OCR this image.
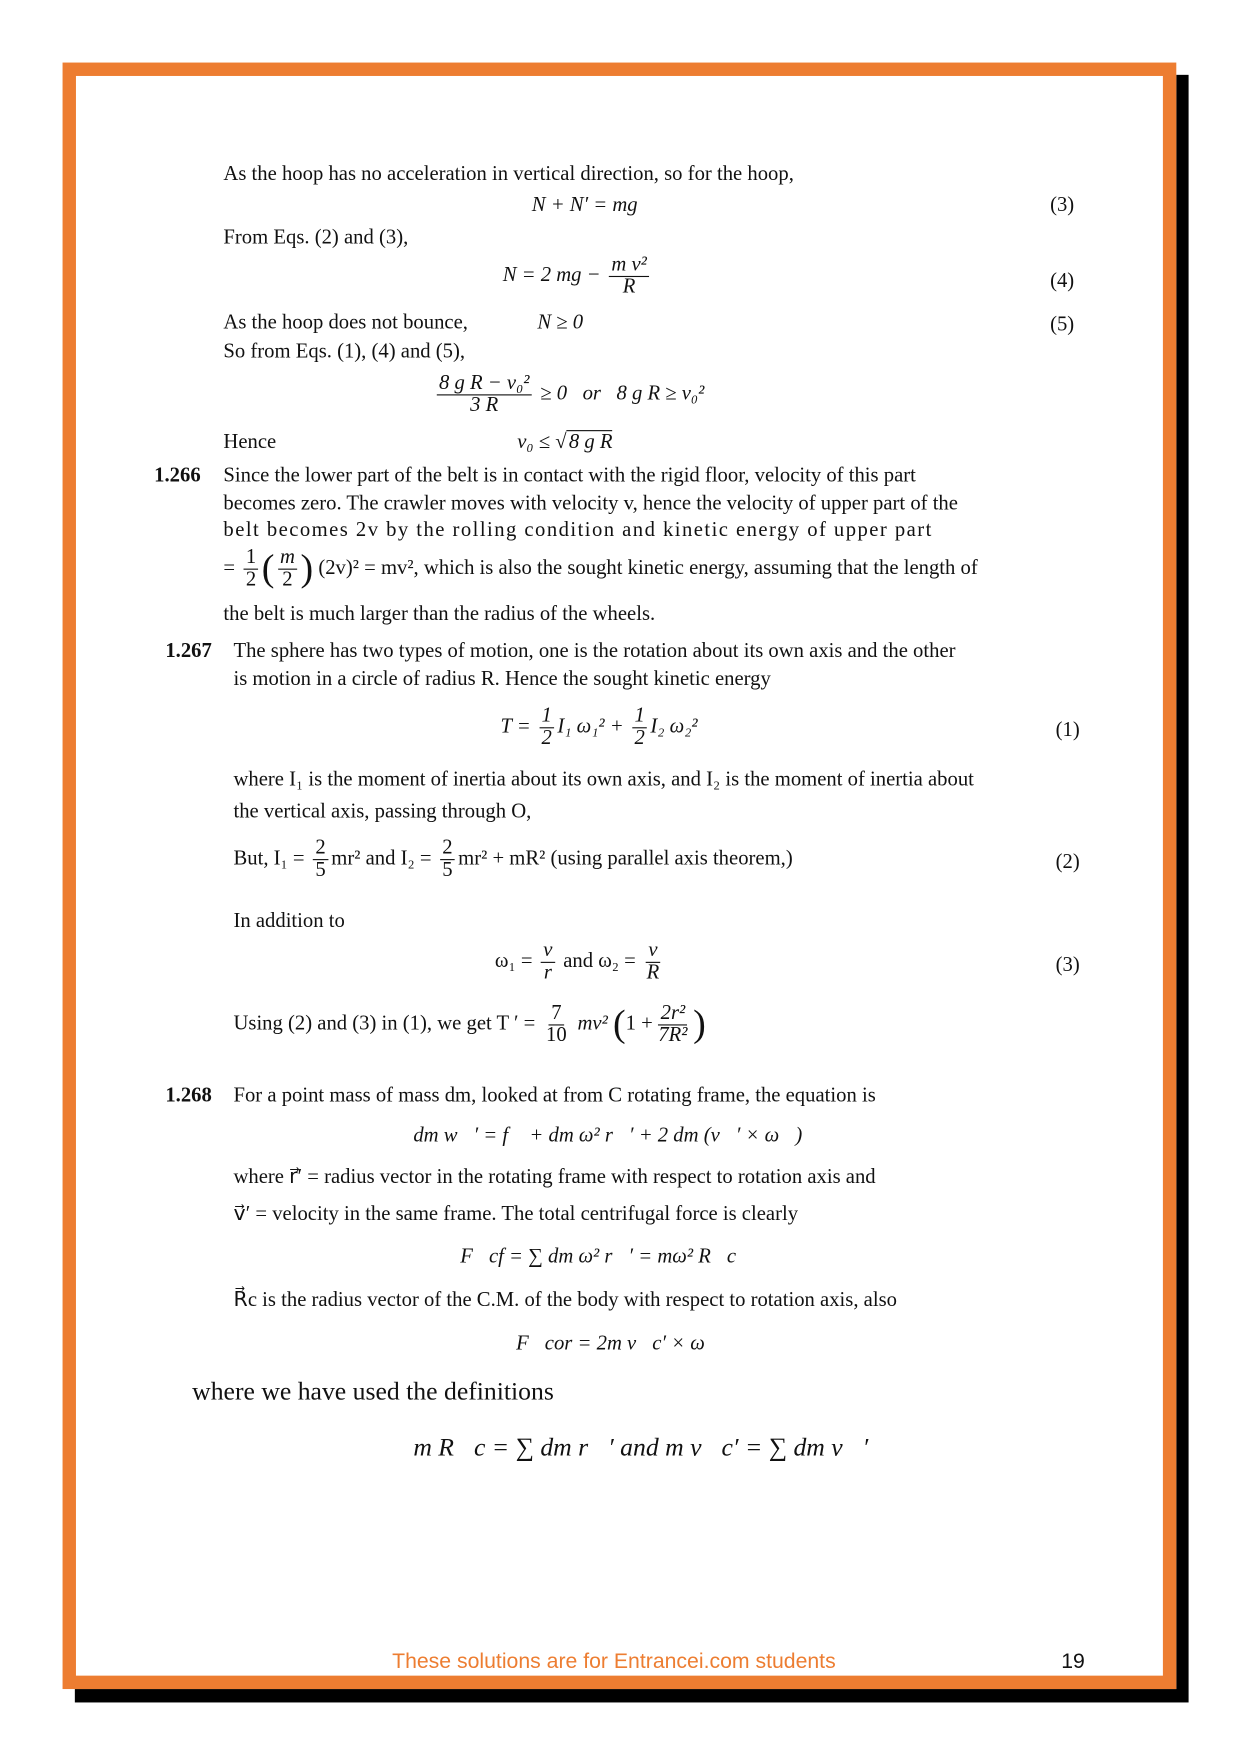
As the hoop has no acceleration in vertical direction, so for the hoop,
N + N′ = mg	(3)
From Eqs. (2) and (3),
N = 2 mg − $\frac{\text{m v²}}{R}$	(4)
As the hoop does not bounce,	N ≥ 0	(5)
So from Eqs. (1), (4) and (5),
$\frac{\text{8 g R − v₀²}}{3 R} \ge 0$   or   8 g R ≥ v₀²
Hence	v₀ ≤ √ 8 g R
1.266 Since the lower part of the belt is in contact with the rigid floor, velocity of this part
becomes zero. The crawler moves with velocity v, hence the velocity of upper part of the
belt becomes 2v by the rolling condition and kinetic energy of upper part
= $\frac{1}{2}$ ( $\frac{m}{2}$ ) (2v)² = mv², which is also the sought kinetic energy, assuming that the length of
the belt is much larger than the radius of the wheels.
1.267 The sphere has two types of motion, one is the rotation about its own axis and the other
is motion in a circle of radius R. Hence the sought kinetic energy
$T = \frac{1}{2} I_1$ $\omega_1^2 + \frac{1}{2} I_2$ ω₂²	(1)
where I₁ is the moment of inertia about its own axis, and I₂ is the moment of inertia about
the vertical axis, passing through O,
But, $I_1 = \frac{2}{5} mr^2$ and $I_2 = \frac{2}{5} mr^2 + mR^2$ (using parallel axis theorem,)	(2)
In addition to
$\omega_1 = \frac{v}{r}$ and $\omega_2 = \frac{v}{R}$	(3)
Using (2) and (3) in (1), we get T ′ = $\frac{7}{10} mv^2$ ($1 + \frac{\text{2r²}}{\text{7R²}}$ )
1.268 For a point mass of mass dm, looked at from C rotating frame, the equation is
dm w⃗′ = f⃗ + dm ω² r⃗′ + 2 dm (v⃗′ × ω⃗)
where r⃗′ = radius vector in the rotating frame with respect to rotation axis and
v⃗′ = velocity in the same frame. The total centrifugal force is clearly
F⃗cf = ∑ dm ω² r⃗′ = mω² R⃗c
R⃗c is the radius vector of the C.M. of the body with respect to rotation axis, also
F⃗cor = 2m v⃗c′ × ω⃗
where we have used the definitions
m R⃗c = ∑ dm r⃗′ and m v⃗c′ = ∑ dm v⃗′
These solutions are for Entrancei.com students	19
